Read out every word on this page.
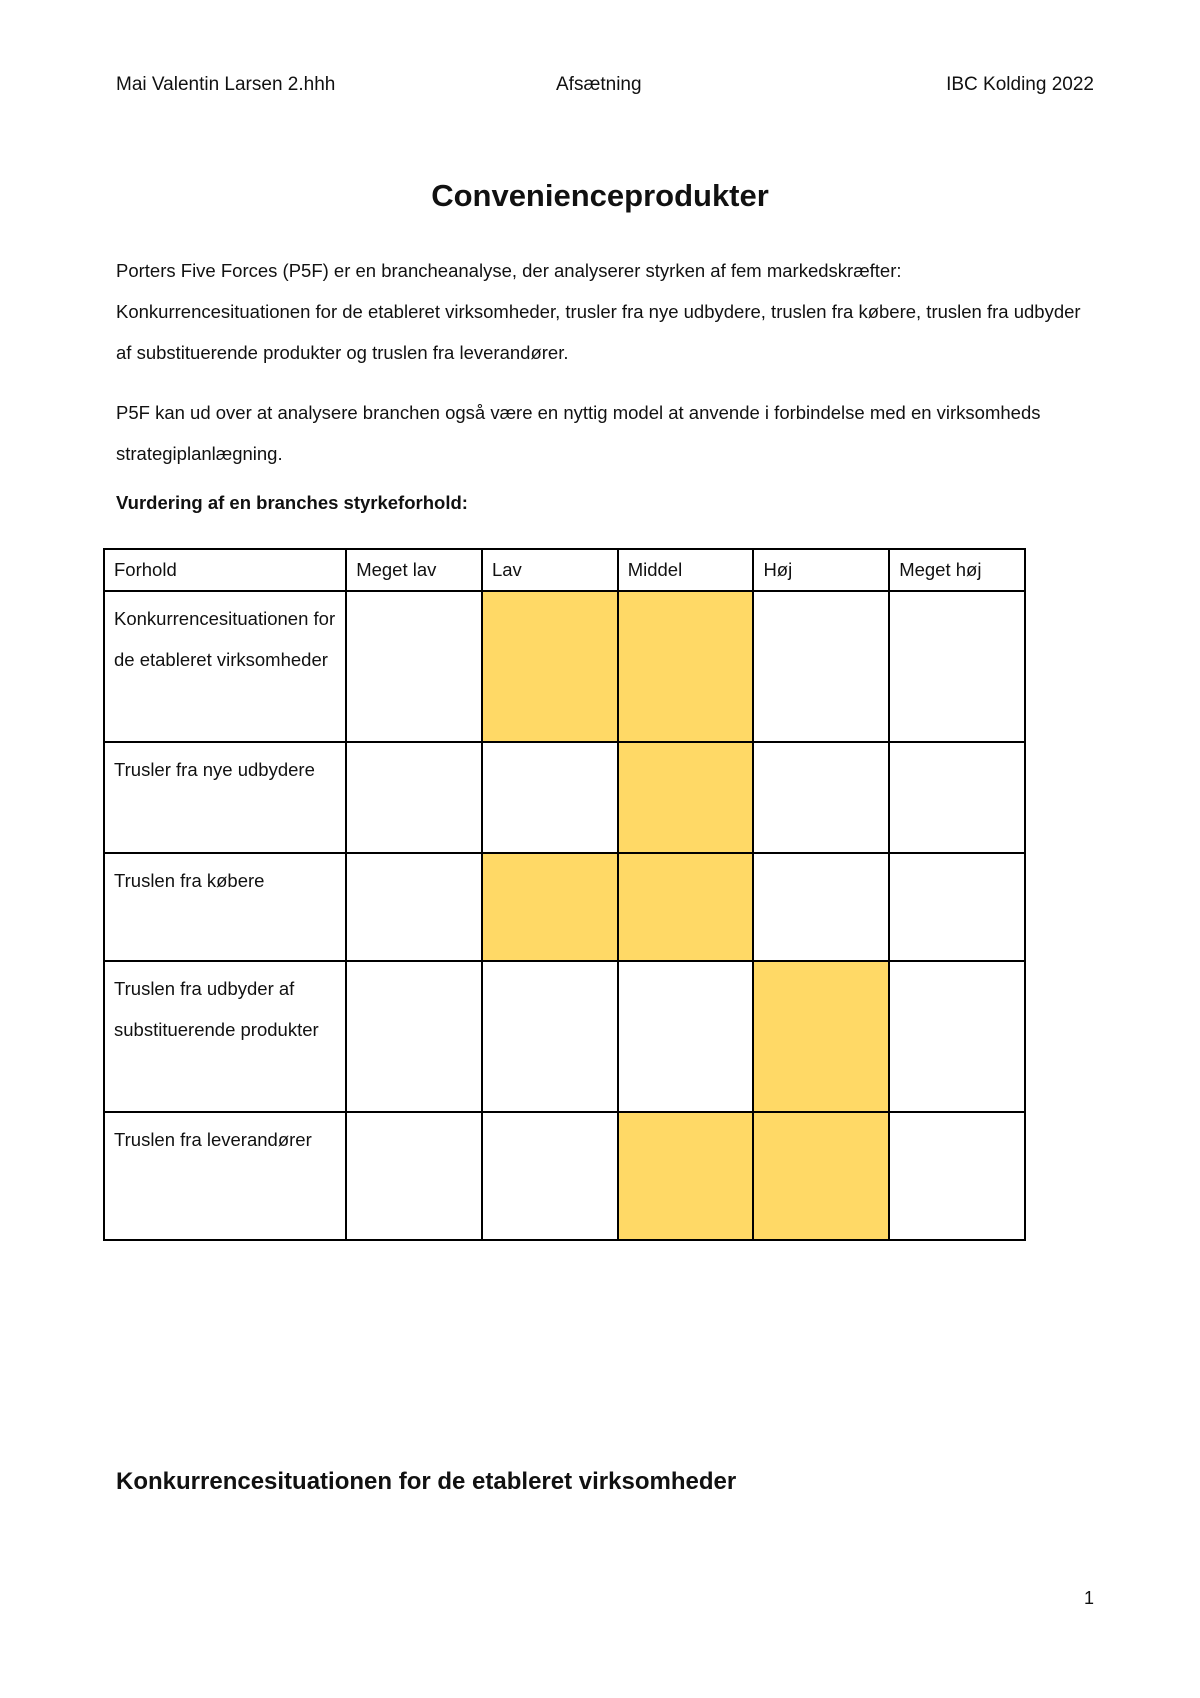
Mai Valentin Larsen 2.hhh	Afsætning	IBC Kolding 2022
Convenienceprodukter

Porters Five Forces (P5F) er en brancheanalyse, der analyserer styrken af fem markedskræfter: Konkurrencesituationen for de etableret virksomheder, trusler fra nye udbydere, truslen fra købere, truslen fra udbyder af substituerende produkter og truslen fra leverandører.

P5F kan ud over at analysere branchen også være en nyttig model at anvende i forbindelse med en virksomheds strategiplanlægning.

Vurdering af en branches styrkeforhold:
Forhold	Meget lav	Lav	Middel	Høj	Meget høj
Konkurrencesituationen for de etableret virksomheder					
Trusler fra nye udbydere					
Truslen fra købere					
Truslen fra udbyder af substituerende produkter					
Truslen fra leverandører					
Konkurrencesituationen for de etableret virksomheder
1
